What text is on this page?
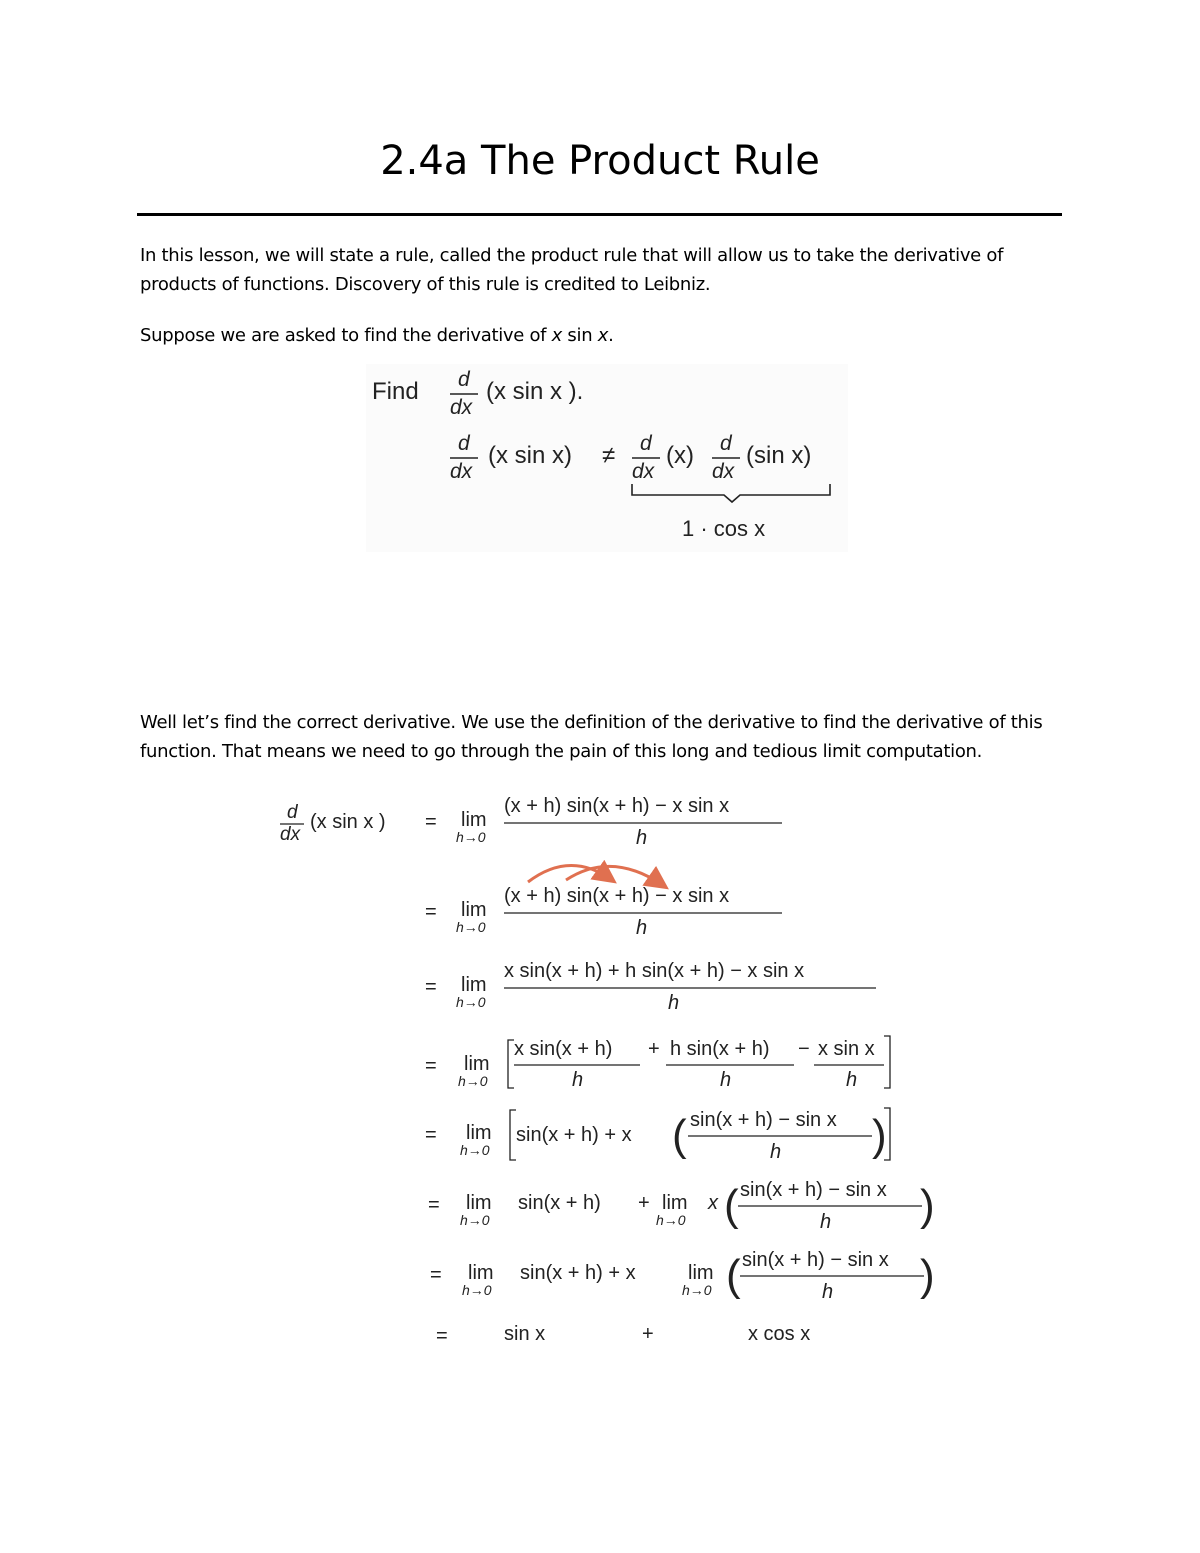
2.4a The Product Rule
In this lesson, we will state a rule, called the product rule that will allow us to take the derivative of
products of functions. Discovery of this rule is credited to Leibniz.
Suppose we are asked to find the derivative of x sin x.
Find d
dx
(x sin x ).
d
dx
(x sin x) ≠ d
dx
(x) d
dx
(sin x)
1 · cos x
Well let’s find the correct derivative. We use the definition of the derivative to find the derivative of this
function. That means we need to go through the pain of this long and tedious limit computation.
d
dx
(x sin x ) = lim
h→0
(x + h) sin(x + h) − x sin x
h
= lim
h→0
(x + h) sin(x + h) − x sin x
h
= lim
h→0
x sin(x + h) + h sin(x + h) − x sin x
h
= lim
h→0
x sin(x + h)
h
+ h sin(x + h)
h
− x sin x
h
= lim
h→0
sin(x + h) + x ( sin(x + h) − sin x
h )
= lim
h→0
sin(x + h) + lim
h→0
x ( sin(x + h) − sin x
h )
= lim
h→0
sin(x + h) + x	lim
h→0 ( sin(x + h) − sin x
h )
=	sin x	+	x cos x
